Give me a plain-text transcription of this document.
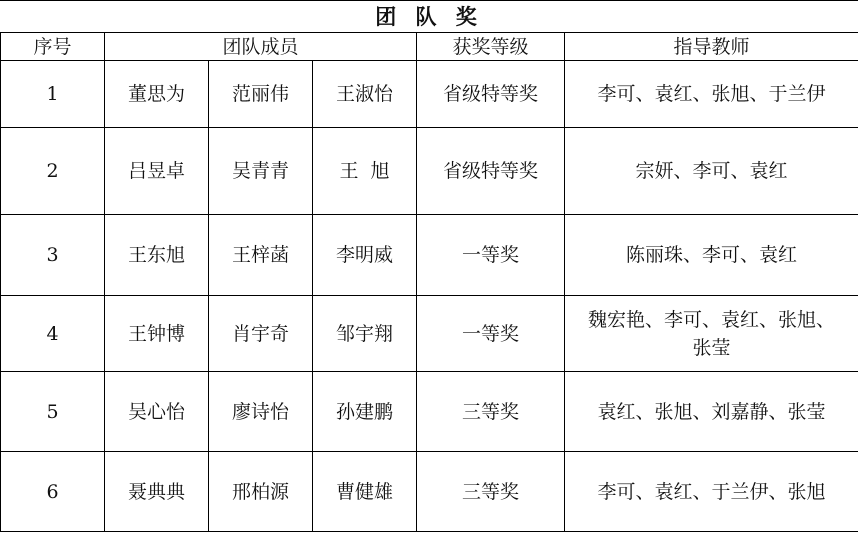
团 队 奖
序号	团队成员			获奖等级	指导教师
1	董思为	范丽伟	王淑怡	省级特等奖	李可、袁红、张旭、于兰伊
2	吕昱卓	吴青青	王  旭	省级特等奖	宗妍、李可、袁红
3	王东旭	王梓菡	李明威	一等奖	陈丽珠、李可、袁红
4	王钟博	肖宇奇	邹宇翔	一等奖	魏宏艳、李可、袁红、张旭、张莹
5	吴心怡	廖诗怡	孙建鹏	三等奖	袁红、张旭、刘嘉静、张莹
6	聂典典	邢柏源	曹健雄	三等奖	李可、袁红、于兰伊、张旭
